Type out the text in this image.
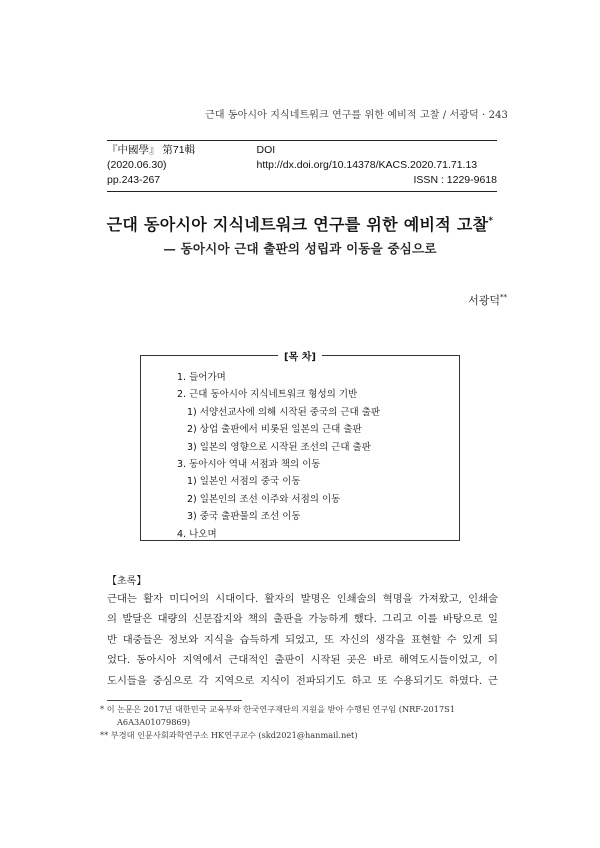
근대 동아시아 지식네트워크 연구를 위한 예비적 고찰 / 서광덕 · 243
『中國學』 第71輯 (2020.06.30)
DOI http://dx.doi.org/10.14378/KACS.2020.71.71.13
pp.243-267	ISSN : 1229-9618
근대 동아시아 지식네트워크 연구를 위한 예비적 고찰*
— 동아시아 근대 출판의 성립과 이동을 중심으로
서광덕**
[목 차]
1. 들어가며
2. 근대 동아시아 지식네트워크 형성의 기반
1) 서양선교사에 의해 시작된 중국의 근대 출판
2) 상업 출판에서 비롯된 일본의 근대 출판
3) 일본의 영향으로 시작된 조선의 근대 출판
3. 동아시아 역내 서점과 책의 이동
1) 일본인 서점의 중국 이동
2) 일본인의 조선 이주와 서점의 이동
3) 중국 출판물의 조선 이동
4. 나오며
【초록】
근대는 활자 미디어의 시대이다. 활자의 발명은 인쇄술의 혁명을 가져왔고, 인쇄술
의 발달은 대량의 신문잡지와 책의 출판을 가능하게 했다. 그리고 이를 바탕으로 일
반 대중들은 정보와 지식을 습득하게 되었고, 또 자신의 생각을 표현할 수 있게 되
었다. 동아시아 지역에서 근대적인 출판이 시작된 곳은 바로 해역도시들이었고, 이
도시들을 중심으로 각 지역으로 지식이 전파되기도 하고 또 수용되기도 하였다. 근
* 이 논문은 2017년 대한민국 교육부와 한국연구재단의 지원을 받아 수행된 연구임 (NRF-2017S1
A6A3A01079869)
** 부경대 인문사회과학연구소 HK연구교수 (skd2021@hanmail.net)
